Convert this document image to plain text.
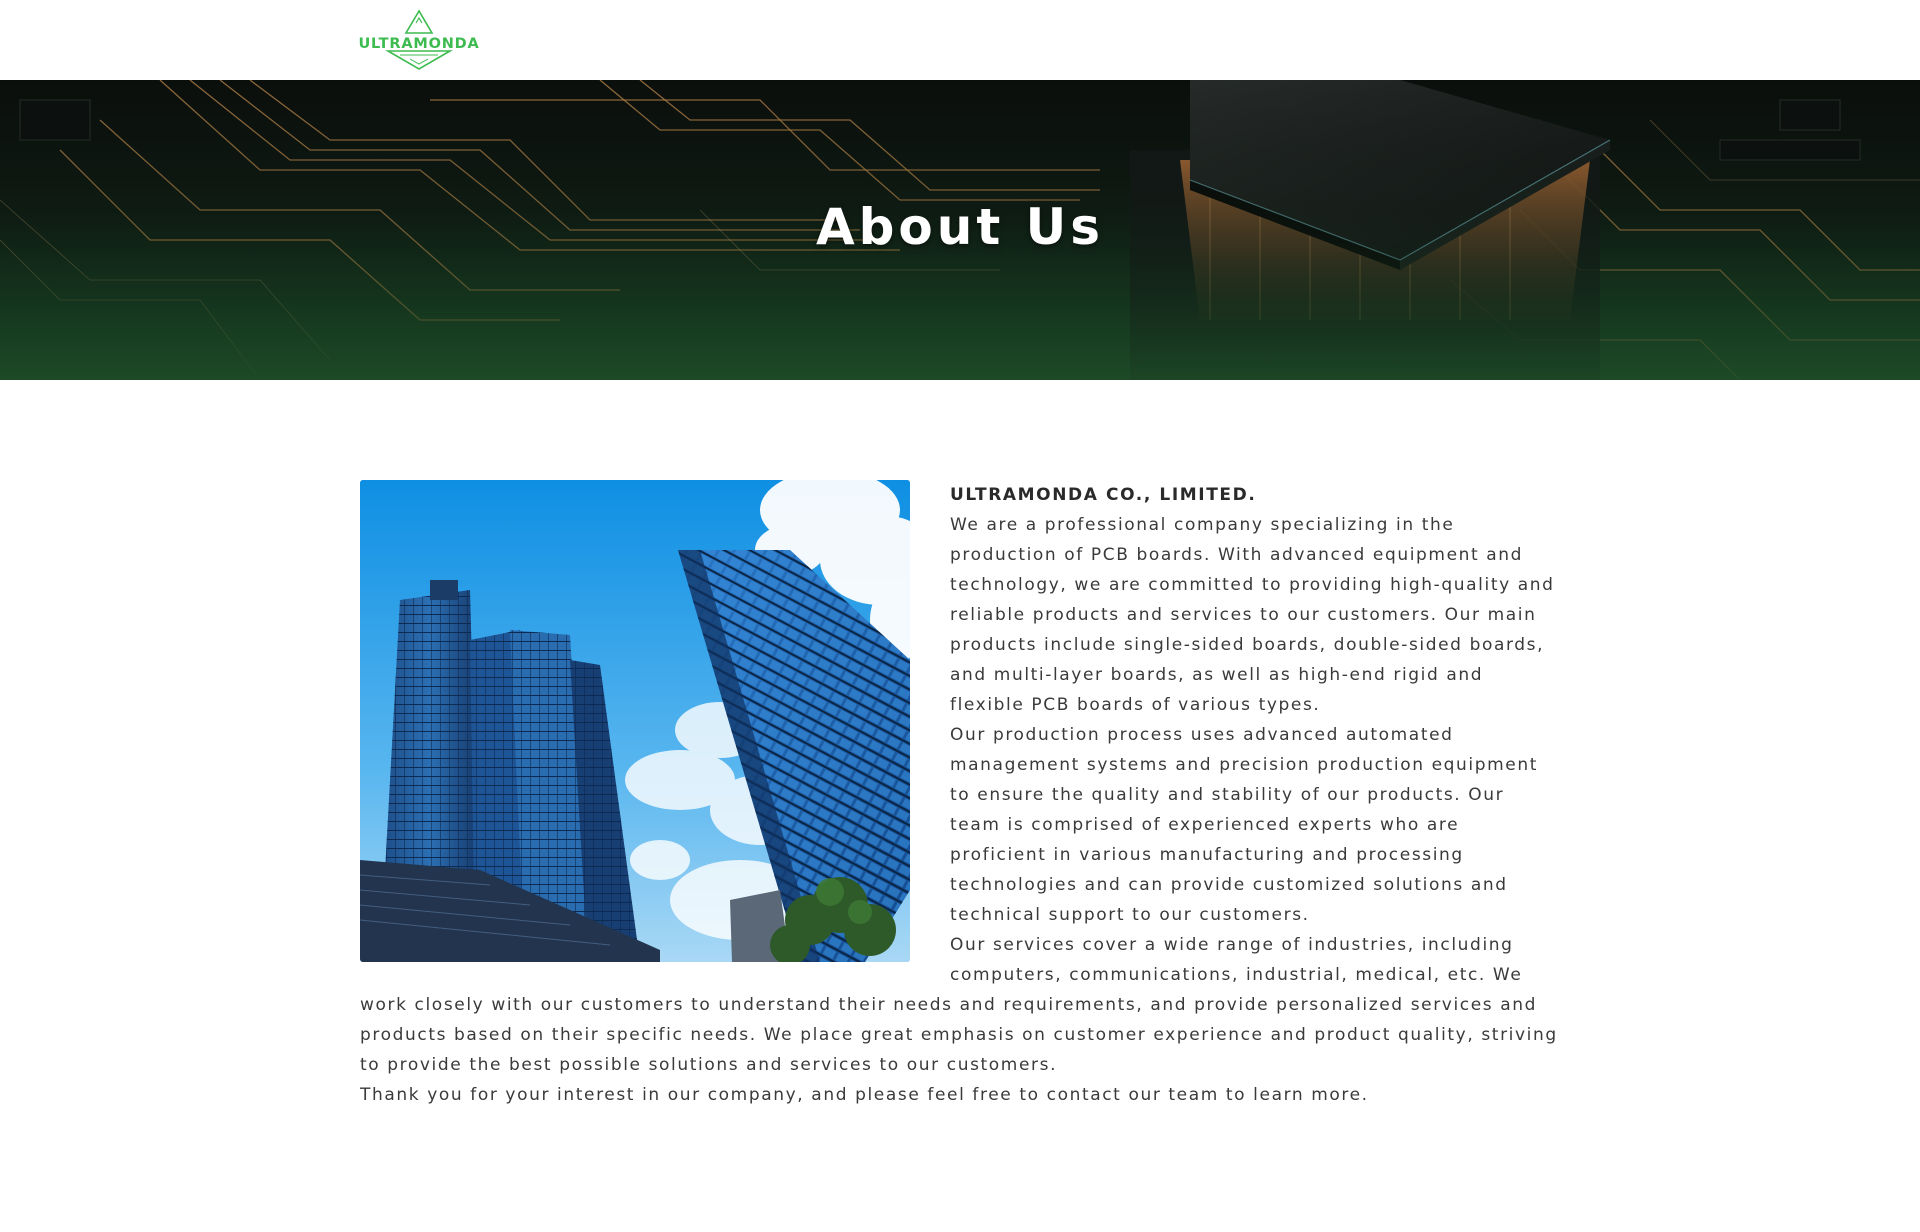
ULTRAMONDA
About Us

ULTRAMONDA CO., LIMITED.

We are a professional company specializing in the production of PCB boards. With advanced equipment and technology, we are committed to providing high-quality and reliable products and services to our customers. Our main products include single-sided boards, double-sided boards, and multi-layer boards, as well as high-end rigid and flexible PCB boards of various types.

Our production process uses advanced automated management systems and precision production equipment to ensure the quality and stability of our products. Our team is comprised of experienced experts who are proficient in various manufacturing and processing technologies and can provide customized solutions and technical support to our customers.

Our services cover a wide range of industries, including computers, communications, industrial, medical, etc. We work closely with our customers to understand their needs and requirements, and provide personalized services and products based on their specific needs. We place great emphasis on customer experience and product quality, striving to provide the best possible solutions and services to our customers.

Thank you for your interest in our company, and please feel free to contact our team to learn more.
